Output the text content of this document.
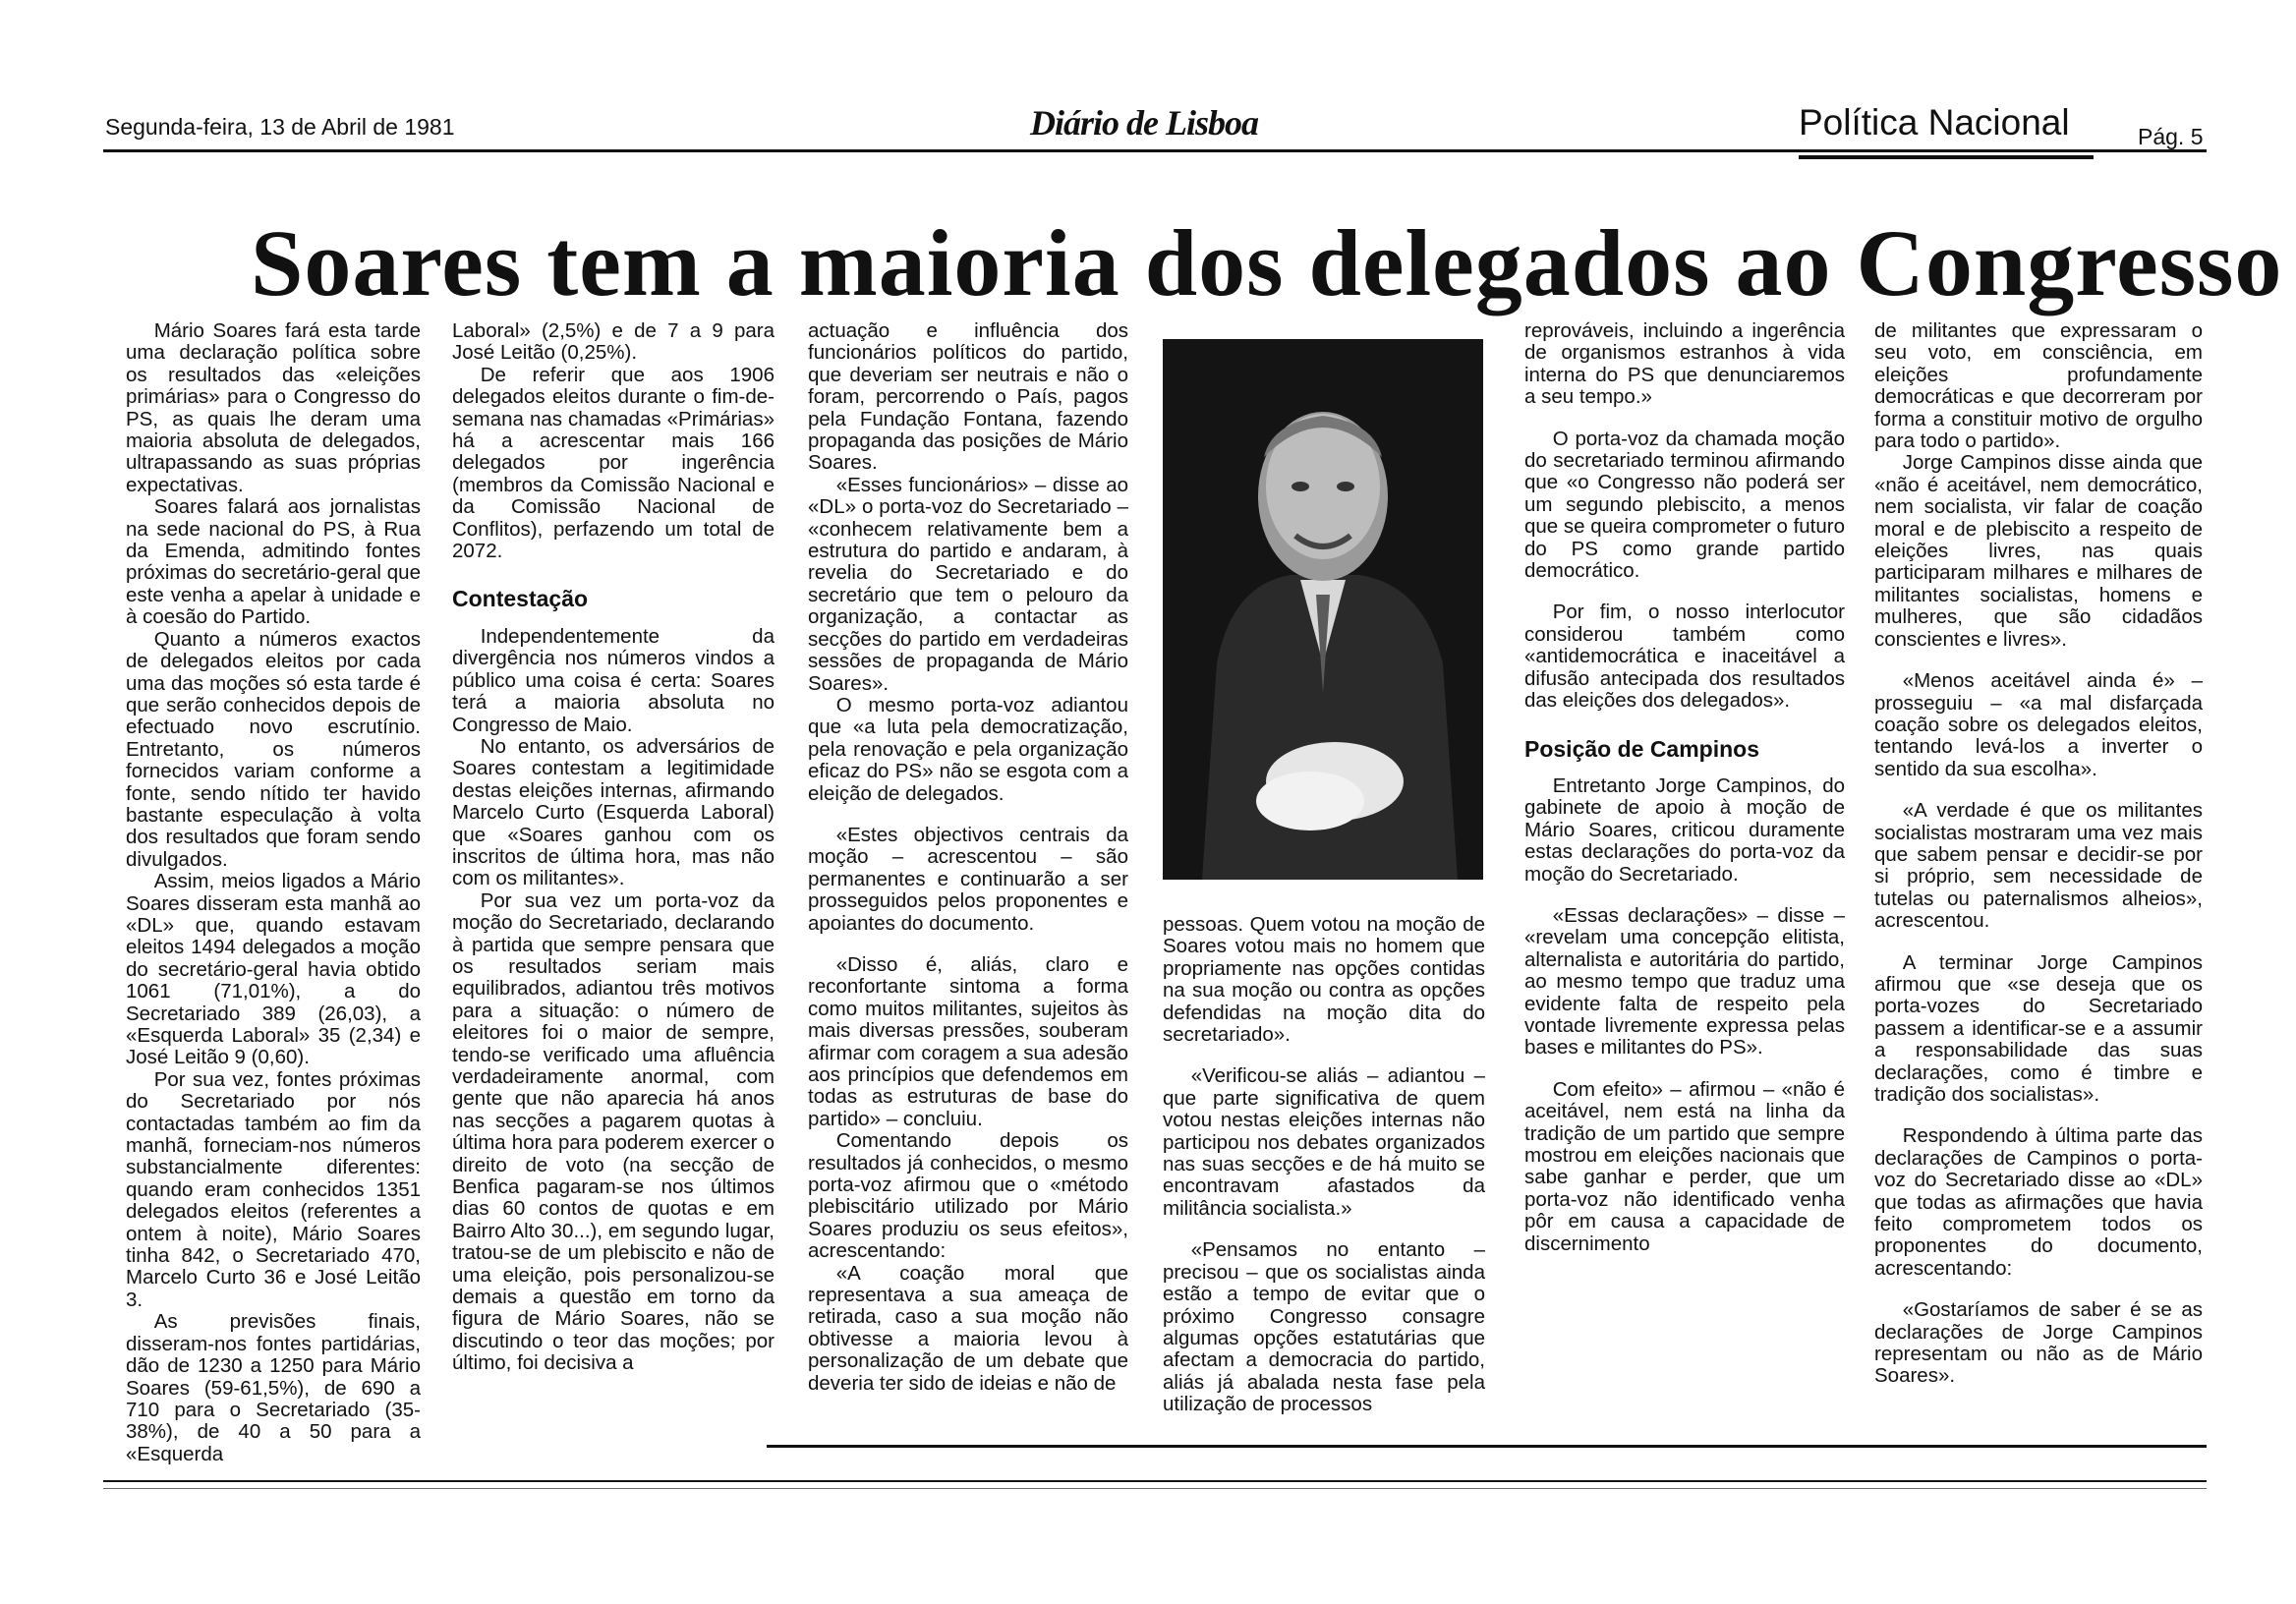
Segunda-feira, 13 de Abril de 1981	Diário de Lisboa	Política Nacional	Pág. 5
Soares tem a maioria dos delegados ao Congresso

Mário Soares fará esta tarde uma declaração política sobre os resultados das «eleições primárias» para o Congresso do PS, as quais lhe deram uma maioria absoluta de delegados, ultrapassando as suas próprias expectativas.

Soares falará aos jornalistas na sede nacional do PS, à Rua da Emenda, admitindo fontes próximas do secretário-geral que este venha a apelar à unidade e à coesão do Partido.

Quanto a números exactos de delegados eleitos por cada uma das moções só esta tarde é que serão conhecidos depois de efectuado novo escrutínio. Entretanto, os números fornecidos variam conforme a fonte, sendo nítido ter havido bastante especulação à volta dos resultados que foram sendo divulgados.

Assim, meios ligados a Mário Soares disseram esta manhã ao «DL» que, quando estavam eleitos 1494 delegados a moção do secretário-geral havia obtido 1061 (71,01%), a do Secretariado 389 (26,03), a «Esquerda Laboral» 35 (2,34) e José Leitão 9 (0,60).

Por sua vez, fontes próximas do Secretariado por nós contactadas também ao fim da manhã, forneciam-nos números substancialmente diferentes: quando eram conhecidos 1351 delegados eleitos (referentes a ontem à noite), Mário Soares tinha 842, o Secretariado 470, Marcelo Curto 36 e José Leitão 3.

As previsões finais, disseram-nos fontes partidárias, dão de 1230 a 1250 para Mário Soares (59-61,5%), de 690 a 710 para o Secretariado (35-38%), de 40 a 50 para a «Esquerda

Laboral» (2,5%) e de 7 a 9 para José Leitão (0,25%).

De referir que aos 1906 delegados eleitos durante o fim-de-semana nas chamadas «Primárias» há a acrescentar mais 166 delegados por ingerência (membros da Comissão Nacional e da Comissão Nacional de Conflitos), perfazendo um total de 2072.

Contestação

Independentemente da divergência nos números vindos a público uma coisa é certa: Soares terá a maioria absoluta no Congresso de Maio.

No entanto, os adversários de Soares contestam a legitimidade destas eleições internas, afirmando Marcelo Curto (Esquerda Laboral) que «Soares ganhou com os inscritos de última hora, mas não com os militantes».

Por sua vez um porta-voz da moção do Secretariado, declarando à partida que sempre pensara que os resultados seriam mais equilibrados, adiantou três motivos para a situação: o número de eleitores foi o maior de sempre, tendo-se verificado uma afluência verdadeiramente anormal, com gente que não aparecia há anos nas secções a pagarem quotas à última hora para poderem exercer o direito de voto (na secção de Benfica pagaram-se nos últimos dias 60 contos de quotas e em Bairro Alto 30...), em segundo lugar, tratou-se de um plebiscito e não de uma eleição, pois personalizou-se demais a questão em torno da figura de Mário Soares, não se discutindo o teor das moções; por último, foi decisiva a

actuação e influência dos funcionários políticos do partido, que deveriam ser neutrais e não o foram, percorrendo o País, pagos pela Fundação Fontana, fazendo propaganda das posições de Mário Soares.

«Esses funcionários» – disse ao «DL» o porta-voz do Secretariado – «conhecem relativamente bem a estrutura do partido e andaram, à revelia do Secretariado e do secretário que tem o pelouro da organização, a contactar as secções do partido em verdadeiras sessões de propaganda de Mário Soares».

O mesmo porta-voz adiantou que «a luta pela democratização, pela renovação e pela organização eficaz do PS» não se esgota com a eleição de delegados.

«Estes objectivos centrais da moção – acrescentou – são permanentes e continuarão a ser prosseguidos pelos proponentes e apoiantes do documento.

«Disso é, aliás, claro e reconfortante sintoma a forma como muitos militantes, sujeitos às mais diversas pressões, souberam afirmar com coragem a sua adesão aos princípios que defendemos em todas as estruturas de base do partido» – concluiu.

Comentando depois os resultados já conhecidos, o mesmo porta-voz afirmou que o «método plebiscitário utilizado por Mário Soares produziu os seus efeitos», acrescentando:

«A coação moral que representava a sua ameaça de retirada, caso a sua moção não obtivesse a maioria levou à personalização de um debate que deveria ter sido de ideias e não de

pessoas. Quem votou na moção de Soares votou mais no homem que propriamente nas opções contidas na sua moção ou contra as opções defendidas na moção dita do secretariado».

«Verificou-se aliás – adiantou – que parte significativa de quem votou nestas eleições internas não participou nos debates organizados nas suas secções e de há muito se encontravam afastados da militância socialista.»

«Pensamos no entanto – precisou – que os socialistas ainda estão a tempo de evitar que o próximo Congresso consagre algumas opções estatutárias que afectam a democracia do partido, aliás já abalada nesta fase pela utilização de processos

reprováveis, incluindo a ingerência de organismos estranhos à vida interna do PS que denunciaremos a seu tempo.»

O porta-voz da chamada moção do secretariado terminou afirmando que «o Congresso não poderá ser um segundo plebiscito, a menos que se queira comprometer o futuro do PS como grande partido democrático.

Por fim, o nosso interlocutor considerou também como «antidemocrática e inaceitável a difusão antecipada dos resultados das eleições dos delegados».

Posição de Campinos

Entretanto Jorge Campinos, do gabinete de apoio à moção de Mário Soares, criticou duramente estas declarações do porta-voz da moção do Secretariado.

«Essas declarações» – disse – «revelam uma concepção elitista, alternalista e autoritária do partido, ao mesmo tempo que traduz uma evidente falta de respeito pela vontade livremente expressa pelas bases e militantes do PS».

Com efeito» – afirmou – «não é aceitável, nem está na linha da tradição de um partido que sempre mostrou em eleições nacionais que sabe ganhar e perder, que um porta-voz não identificado venha pôr em causa a capacidade de discernimento

de militantes que expressaram o seu voto, em consciência, em eleições profundamente democráticas e que decorreram por forma a constituir motivo de orgulho para todo o partido».

Jorge Campinos disse ainda que «não é aceitável, nem democrático, nem socialista, vir falar de coação moral e de plebiscito a respeito de eleições livres, nas quais participaram milhares e milhares de militantes socialistas, homens e mulheres, que são cidadãos conscientes e livres».

«Menos aceitável ainda é» – prosseguiu – «a mal disfarçada coação sobre os delegados eleitos, tentando levá-los a inverter o sentido da sua escolha».

«A verdade é que os militantes socialistas mostraram uma vez mais que sabem pensar e decidir-se por si próprio, sem necessidade de tutelas ou paternalismos alheios», acrescentou.

A terminar Jorge Campinos afirmou que «se deseja que os porta-vozes do Secretariado passem a identificar-se e a assumir a responsabilidade das suas declarações, como é timbre e tradição dos socialistas».

Respondendo à última parte das declarações de Campinos o porta-voz do Secretariado disse ao «DL» que todas as afirmações que havia feito comprometem todos os proponentes do documento, acrescentando:

«Gostaríamos de saber é se as declarações de Jorge Campinos representam ou não as de Mário Soares».
